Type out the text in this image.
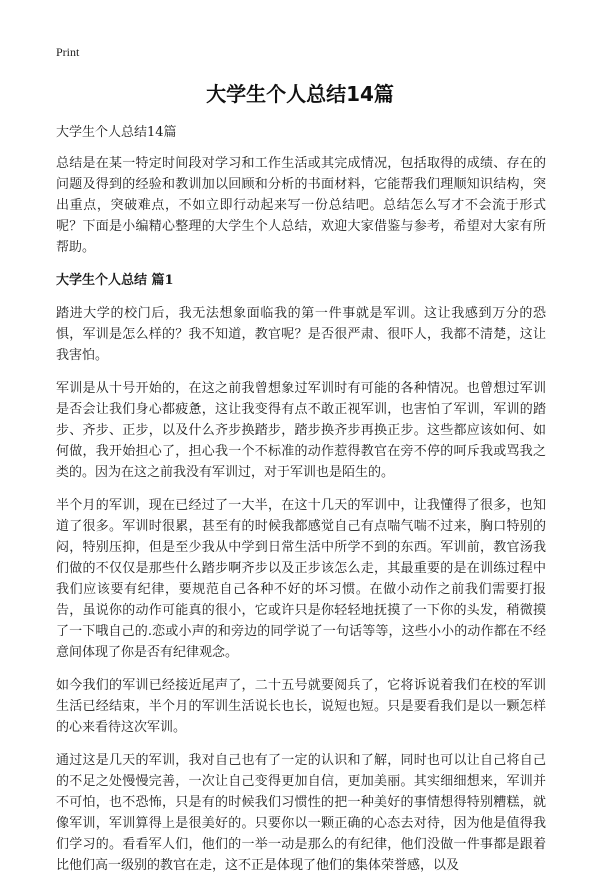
Print
大学生个人总结14篇

大学生个人总结14篇

总结是在某一特定时间段对学习和工作生活或其完成情况，包括取得的成绩、存在的问题及得到的经验和教训加以回顾和分析的书面材料，它能帮我们理顺知识结构，突出重点，突破难点，不如立即行动起来写一份总结吧。总结怎么写才不会流于形式呢？下面是小编精心整理的大学生个人总结，欢迎大家借鉴与参考，希望对大家有所帮助。

大学生个人总结 篇1

踏进大学的校门后，我无法想象面临我的第一件事就是军训。这让我感到万分的恐惧，军训是怎么样的？我不知道，教官呢？是否很严肃、很吓人，我都不清楚，这让我害怕。

军训是从十号开始的，在这之前我曾想象过军训时有可能的各种情况。也曾想过军训是否会让我们身心都疲惫，这让我变得有点不敢正视军训，也害怕了军训，军训的踏步、齐步、正步，以及什么齐步换踏步，踏步换齐步再换正步。这些都应该如何、如何做，我开始担心了，担心我一个不标准的动作惹得教官在旁不停的呵斥我或骂我之类的。因为在这之前我没有军训过，对于军训也是陌生的。

半个月的军训，现在已经过了一大半，在这十几天的军训中，让我懂得了很多，也知道了很多。军训时很累，甚至有的时候我都感觉自己有点喘气喘不过来，胸口特别的闷，特别压抑，但是至少我从中学到日常生活中所学不到的东西。军训前，教官汤我们做的不仅仅是那些什么踏步啊齐步以及正步该怎么走，其最重要的是在训练过程中我们应该要有纪律，要规范自己各种不好的坏习惯。在做小动作之前我们需要打报告，虽说你的动作可能真的很小，它或许只是你轻轻地抚摸了一下你的头发，稍微摸了一下哦自己的.恋或小声的和旁边的同学说了一句话等等，这些小小的动作都在不经意间体现了你是否有纪律观念。

如今我们的军训已经接近尾声了，二十五号就要阅兵了，它将诉说着我们在校的军训生活已经结束，半个月的军训生活说长也长，说短也短。只是要看我们是以一颗怎样的心来看待这次军训。

通过这是几天的军训，我对自己也有了一定的认识和了解，同时也可以让自己将自己的不足之处慢慢完善，一次让自己变得更加自信，更加美丽。其实细细想来，军训并不可怕，也不恐怖，只是有的时候我们习惯性的把一种美好的事情想得特别糟糕，就像军训，军训算得上是很美好的。只要你以一颗正确的心态去对待，因为他是值得我们学习的。看看军人们，他们的一举一动是那么的有纪律，他们没做一件事都是跟着比他们高一级别的教官在走，这不正是体现了他们的集体荣誉感，以及
